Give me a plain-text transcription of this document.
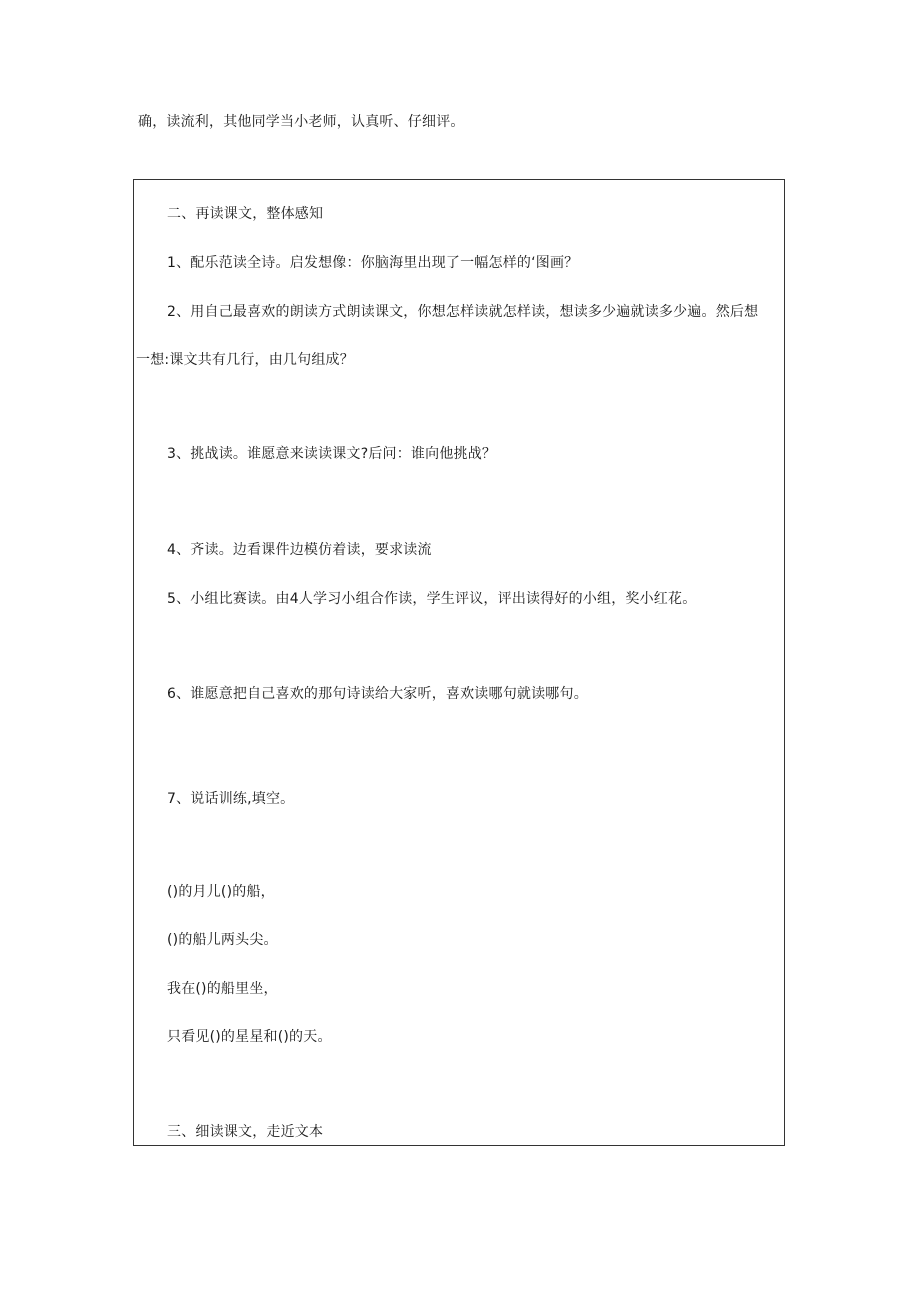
确，读流利，其他同学当小老师，认真听、仔细评。
二、再读课文，整体感知
1、配乐范读全诗。启发想像：你脑海里出现了一幅怎样的‘图画？
2、用自己最喜欢的朗读方式朗读课文，你想怎样读就怎样读，想读多少遍就读多少遍。然后想
一想:课文共有几行，由几句组成？
3、挑战读。谁愿意来读读课文?后问：谁向他挑战？
4、齐读。边看课件边模仿着读，要求读流
5、小组比赛读。由4人学习小组合作读，学生评议，评出读得好的小组，奖小红花。
6、谁愿意把自己喜欢的那句诗读给大家听，喜欢读哪句就读哪句。
7、说话训练,填空。
()的月儿()的船，
()的船儿两头尖。
我在()的船里坐，
只看见()的星星和()的天。
三、细读课文，走近文本
